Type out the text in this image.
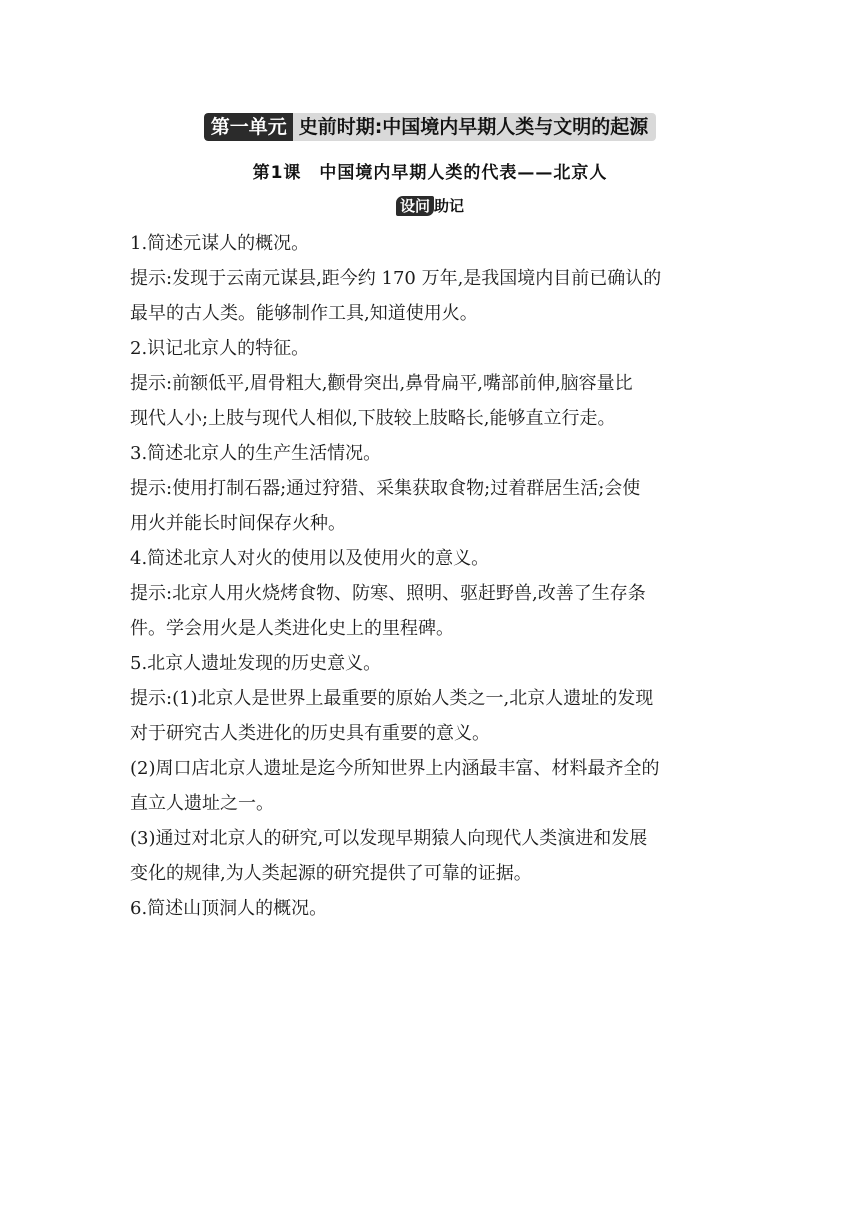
第一单元 史前时期:中国境内早期人类与文明的起源
第1课　中国境内早期人类的代表——北京人
设问 助记

1.简述元谋人的概况。

提示:发现于云南元谋县,距今约 170 万年,是我国境内目前已确认的

最早的古人类。能够制作工具,知道使用火。

2.识记北京人的特征。

提示:前额低平,眉骨粗大,颧骨突出,鼻骨扁平,嘴部前伸,脑容量比

现代人小;上肢与现代人相似,下肢较上肢略长,能够直立行走。

3.简述北京人的生产生活情况。

提示:使用打制石器;通过狩猎、采集获取食物;过着群居生活;会使

用火并能长时间保存火种。

4.简述北京人对火的使用以及使用火的意义。

提示:北京人用火烧烤食物、防寒、照明、驱赶野兽,改善了生存条

件。学会用火是人类进化史上的里程碑。

5.北京人遗址发现的历史意义。

提示:(1)北京人是世界上最重要的原始人类之一,北京人遗址的发现

对于研究古人类进化的历史具有重要的意义。

(2)周口店北京人遗址是迄今所知世界上内涵最丰富、材料最齐全的

直立人遗址之一。

(3)通过对北京人的研究,可以发现早期猿人向现代人类演进和发展

变化的规律,为人类起源的研究提供了可靠的证据。

6.简述山顶洞人的概况。
